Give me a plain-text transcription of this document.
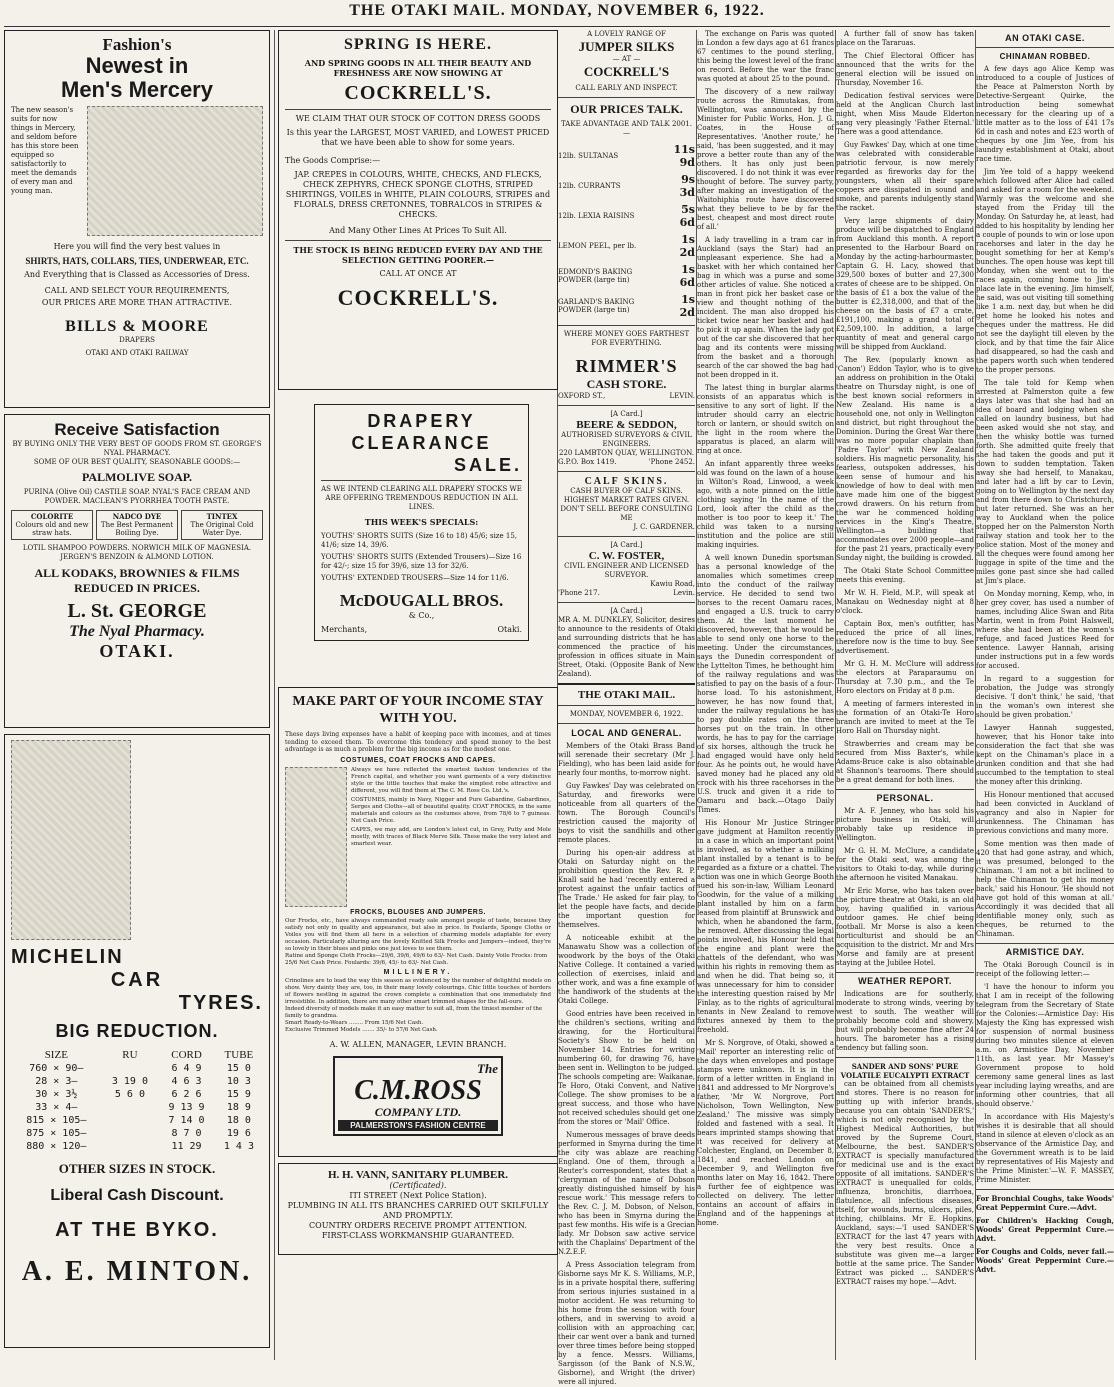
THE OTAKI MAIL. MONDAY, NOVEMBER 6, 1922.
Fashion's
Newest in
Men's Mercery
The new season's suits for now things in Mercery, and seldom before has this store been equipped so satisfactorily to meet the demands of every man and young man.
Here you will find the very best values in
SHIRTS, HATS, COLLARS, TIES, UNDERWEAR, ETC.
And Everything that is Classed as Accessories of Dress.
CALL AND SELECT YOUR REQUIREMENTS,
OUR PRICES ARE MORE THAN ATTRACTIVE.
BILLS & MOORE
DRAPERS
OTAKI AND OTAKI RAILWAY
Receive Satisfaction
BY BUYING ONLY THE VERY BEST OF GOODS FROM ST. GEORGE'S NYAL PHARMACY.
SOME OF OUR BEST QUALITY, SEASONABLE GOODS:—
PALMOLIVE SOAP.
PURINA (Olive Oil) CASTILE SOAP. NYAL'S FACE CREAM AND POWDER. MACLEAN'S PYORRHEA TOOTH PASTE.
COLORITE
Colours old and new straw hats.
NADCO DYE
The Best Permanent Boiling Dye.
TINTEX
The Original Cold Water Dye.
LOTIL SHAMPOO POWDERS. NORWICH MILK OF MAGNESIA. JERGEN'S BENZOIN & ALMOND LOTION.
ALL KODAKS, BROWNIES & FILMS REDUCED IN PRICES.
L. St. GEORGE
The Nyal Pharmacy.
OTAKI.
MICHELIN
CAR
TYRES.
BIG REDUCTION.
SIZE	RU	CORD	TUBE
760 × 90—		6 4 9	15 0
28 × 3—	3 19 0	4 6 3	10 3
30 × 3½	5 6 0	6 2 6	15 9
33 × 4—		9 13 9	18 9
815 × 105—		7 14 0	18 0
875 × 105—		8 7 0	19 6
880 × 120—		11 29	1 4 3
OTHER SIZES IN STOCK.
Liberal Cash Discount.
AT THE BYKO.
A. E. MINTON.
SPRING IS HERE.
AND SPRING GOODS IN ALL THEIR BEAUTY AND FRESHNESS ARE NOW SHOWING AT
COCKRELL'S.
WE CLAIM THAT OUR STOCK OF COTTON DRESS GOODS
Is this year the LARGEST, MOST VARIED, and LOWEST PRICED that we have been able to show for some years.
The Goods Comprise:—
JAP. CREPES in COLOURS, WHITE, CHECKS, AND FLECKS, CHECK ZEPHYRS, CHECK SPONGE CLOTHS, STRIPED SHIRTINGS, VOILES in WHITE, PLAIN COLOURS, STRIPES and FLORALS, DRESS CRETONNES, TOBRALCOS in STRIPES & CHECKS.
And Many Other Lines At Prices To Suit All.
THE STOCK IS BEING REDUCED EVERY DAY AND THE SELECTION GETTING POORER.—
CALL AT ONCE AT
COCKRELL'S.
DRAPERY
CLEARANCE
SALE.
AS WE INTEND CLEARING ALL DRAPERY STOCKS WE ARE OFFERING TREMENDOUS REDUCTION IN ALL LINES.
THIS WEEK'S SPECIALS:
YOUTHS' SHORTS SUITS (Size 16 to 18) 45/6; size 15, 41/6; size 14, 39/6.
YOUTHS' SHORTS SUITS (Extended Trousers)—Size 16 for 42/-; size 15 for 39/6, size 13 for 32/6.
YOUTHS' EXTENDED TROUSERS—Size 14 for 11/6.
McDOUGALL BROS.
& Co.,
Merchants,	Otaki.
MAKE PART OF YOUR INCOME STAY WITH YOU.
These days living expenses have a habit of keeping pace with incomes, and at times tending to exceed them. To overcome this tendency and spend money to the best advantage is as much a problem for the big income as for the modest one.
COSTUMES, COAT FROCKS AND CAPES.
Always we have reflected the smartest fashion tendencies of the French capital, and whether you want garments of a very distinctive style or the little touches that make the simplest robe attractive and different, you will find them at The C. M. Ross Co. Ltd.'s.
COSTUMES, mainly in Navy, Nigger and Pure Gabardine, Gabardines, Serges and Cloths—all of beautiful quality. COAT FROCKS, in the same materials and colours as the costumes above, from 78/6 to 7 guineas. Net Cash Price.
CAPES, we may add, are London's latest cut, in Grey, Putty and Mole mostly, with traces of Black Merve Silk. These make the very latest and smartest wear.
FROCKS, BLOUSES AND JUMPERS.
Our Frocks, etc., have always commanded ready sale amongst people of taste, because they satisfy not only in quality and appearance, but also in price. In Foulards, Sponge Cloths or Voiles you will find them all here in a selection of charming models adaptable for every occasion. Particularly alluring are the lovely Knitted Silk Frocks and Jumpers—indeed, they're so lovely in their blues and pinks one just loves to see them.
Ratine and Sponge Cloth Frocks—29/6, 39/6, 49/6 to 63/- Net Cash. Dainty Voile Frocks: from 25/6 Net Cash Price. Foulards: 39/6, 45/- to 63/- Net Cash.
MILLINERY.
Crinolines are to lead the way this season as evidenced by the number of delightful models on show. Very dainty they are, too, in their many lovely colourings. Chic little touches of borders of flowers nestling in against the crown complete a combination that one immediately find irresistible. In addition, there are many other smart trimmed shapes for the fall-ours.
Indeed diversity of models make it an easy matter to suit all, from the tiniest member of the family to grandma.
Smart Ready-to-Wears ........ From 15/6 Net Cash.
Exclusive Trimmed Models ....... 35/- to 57/6 Net Cash.
A. W. ALLEN, MANAGER, LEVIN BRANCH.
The
C.M.ROSS
COMPANY LTD.
PALMERSTON'S FASHION CENTRE
H. H. VANN, SANITARY PLUMBER.
(Certificated).
ITI STREET (Next Police Station).
PLUMBING IN ALL ITS BRANCHES CARRIED OUT SKILFULLY AND PROMPTLY.
COUNTRY ORDERS RECEIVE PROMPT ATTENTION.
FIRST-CLASS WORKMANSHIP GUARANTEED.
A LOVELY RANGE OF
JUMPER SILKS
— AT —
COCKRELL'S
CALL EARLY AND INSPECT.
OUR PRICES TALK.
TAKE ADVANTAGE AND TALK 2001.—
12lb. SULTANAS	11s 9d
12lb. CURRANTS	9s 3d
12lb. LEXIA RAISINS	5s 6d
LEMON PEEL, per lb.	1s 2d
EDMOND'S BAKING POWDER (large tin)	1s 6d
GARLAND'S BAKING POWDER (large tin)	1s 2d
WHERE MONEY GOES FARTHEST FOR EVERYTHING.
RIMMER'S
CASH STORE.
OXFORD ST.,	LEVIN.
[A Card.]
BEERE & SEDDON,
AUTHORISED SURVEYORS & CIVIL ENGINEERS.
220 LAMBTON QUAY, WELLINGTON.
G.P.O. Box 1419.	'Phone 2452.
CALF SKINS.
CASH BUYER OF CALF SKINS. HIGHEST MARKET RATES GIVEN. DON'T SELL BEFORE CONSULTING ME
J. C. GARDENER.
[A Card.]
C. W. FOSTER,
CIVIL ENGINEER AND LICENSED SURVEYOR.
Kawiu Road,
'Phone 217.	Levin.
[A Card.]
MR A. M. DUNKLEY, Solicitor, desires to announce to the residents of Otaki and surrounding districts that he has commenced the practice of his profession in offices situate in Main Street, Otaki. (Opposite Bank of New Zealand).
THE OTAKI MAIL.
MONDAY, NOVEMBER 6, 1922.
LOCAL AND GENERAL.

Members of the Otaki Brass Band will serenade their secretary (Mr J. Fielding), who has been laid aside for nearly four months, to-morrow night.

Guy Fawkes' Day was celebrated on Saturday, and fireworks were noticeable from all quarters of the town. The Borough Council's restriction caused the majority of boys to visit the sandhills and other remote places.

During his open-air address at Otaki on Saturday night on the prohibition question the Rev. R. P. Knall said he had 'recently entered a protest against the unfair tactics of The Trade.' He asked for fair play, to let the people have facts, and decide the important question for themselves.

A noticeable exhibit at the Manawatu Show was a collection of woodwork by the boys of the Otaki Native College. It contained a varied collection of exercises, inlaid and other work, and was a fine example of the handiwork of the students at the Otaki College.

Good entries have been received in the children's sections, writing and drawing, for the Horticultural Society's Show to be held on November 14. Entries for writing numbering 60, for drawing 76, have been sent in. Wellington to be judged. The schools competing are: Waikanae, Te Horo, Otaki Convent, and Native College. The show promises to be a great success, and those who have not received schedules should get one from the stores or 'Mail' Office.

Numerous messages of brave deeds performed in Smyrna during the time the city was ablaze are reaching England. One of them, through a Reuter's correspondent, states that a 'clergyman of the name of Dobson greatly distinguished himself by his rescue work.' This message refers to the Rev. C. J. M. Dobson, of Nelson, who has been in Smyrna during the past few months. His wife is a Grecian lady. Mr Dobson saw active service with the Chaplains' Department of the N.Z.E.F.

A Press Association telegram from Gisborne says Mr K. S. Williams, M.P., is in a private hospital there, suffering from serious injuries sustained in a motor accident. He was returning to his home from the session with four others, and in swerving to avoid a collision with an approaching car, their car went over a bank and turned over three times before being stopped by a fence. Messrs. Williams, Sargisson (of the Bank of N.S.W., Gisborne), and Wright (the driver) were all injured.

The exchange on Paris was quoted in London a few days ago at 61 francs 67 centimes to the pound sterling, this being the lowest level of the franc on record. Before the war the franc was quoted at about 25 to the pound.

The discovery of a new railway route across the Rimutakas, from Wellington, was announced by the Minister for Public Works, Hon. J. G. Coates, in the House of Representatives. 'Another route,' he said, 'has been suggested, and it may prove a better route than any of the others. It has only just been discovered. I do not think it was ever thought of before. The survey party, after making an investigation of the Waitohiphia route have discovered what they believe to be by far the best, cheapest and most direct route of all.'

A lady travelling in a tram car in Auckland (says the Star) had an unpleasant experience. She had a basket with her which contained her bag in which was a purse and some other articles of value. She noticed a man in front pick her basket case or view and thought nothing of the incident. The man also dropped his ticket twice near her basket and had to pick it up again. When the lady got out of the car she discovered that her bag and its contents were missing from the basket and a thorough search of the car showed the bag had not been dropped in it.

The latest thing in burglar alarms consists of an apparatus which is sensitive to any sort of light. If the intruder should carry an electric torch or lantern, or should switch on the light in the room where the apparatus is placed, an alarm will ring at once.

An infant apparently three weeks old was found on the lawn of a house in Wilton's Road, Linwood, a week ago, with a note pinned on the little clothing saying 'In the name of the Lord, look after the child as the mother is too poor to keep it.' The child was taken to a nursing institution and the police are still making inquiries.

A well known Dunedin sportsman has a personal knowledge of the anomalies which sometimes creep into the conduct of the railway service. He decided to send two horses to the recent Oamaru races, and engaged a U.S. truck to carry them. At the last moment he discovered, however, that he would be able to send only one horse to the meeting. Under the circumstances, says the Dunedin correspondent of the Lyttelton Times, he bethought him of the railway regulations and was satisfied to pay on the basis of a four-horse load. To his astonishment, however, he has now found that, under the railway regulations he has to pay double rates on the three horses put on the train. In other words, he has to pay for the carriage of six horses, although the truck he had engaged would have only held four. As he points out, he would have saved money had he placed any old crock with his three racehorses in the U.S. truck and given it a ride to Oamaru and back.—Otago Daily Times.

His Honour Mr Justice Stringer gave judgment at Hamilton recently in a case in which an important point is involved, as to whether a milking plant installed by a tenant is to be regarded as a fixture or a chattel. The action was one in which George Booth sued his son-in-law, William Leonard Goodwin, for the value of a milking plant installed by him on a farm leased from plaintiff at Brunswick and which, when he abandoned the farm, he removed. After discussing the legal points involved, his Honour held that the engine and plant were the chattels of the defendant, who was within his rights in removing them as and when he did. That being so, it was unnecessary for him to consider the interesting question raised by Mr Finlay, as to the rights of agricultural tenants in New Zealand to remove fixtures annexed by them to the freehold.

Mr S. Norgrove, of Otaki, showed a 'Mail' reporter an interesting relic of the days when envelopes and postage stamps were unknown. It is in the form of a letter written in England in 1841 and addressed to Mr Norgrove's father, 'Mr W. Norgrove, Port Nicholson, Town Wellington, New Zealand.' The missive was simply folded and fastened with a seal. It bears imprinted stamps showing that it was received for delivery at Colchester, England, on December 8, 1841, and reached London on December 9, and Wellington five months later on May 16, 1842. There a further fee of eightpence was collected on delivery. The letter contains an account of affairs in England and of the happenings at home.

A further fall of snow has taken place on the Tararuas.

The Chief Electoral Officer has announced that the writs for the general election will be issued on Thursday, November 16.

Dedication festival services were held at the Anglican Church last night, when Miss Maude Elderton sang very pleasingly 'Father Eternal.' There was a good attendance.

Guy Fawkes' Day, which at one time was celebrated with considerable patriotic fervour, is now merely regarded as fireworks day for the youngsters, when all their spare coppers are dissipated in sound and smoke, and parents indulgently stand the racket.

Very large shipments of dairy produce will be dispatched to England from Auckland this month. A report presented to the Harbour Board on Monday by the acting-harbourmaster, Captain G. H. Lacy, showed that 329,500 boxes of butter and 27,300 crates of cheese are to be shipped. On the basis of £1 a box the value of the butter is £2,318,000, and that of the cheese on the basis of £7 a crate, £191,100, making a grand total of £2,509,100. In addition, a large quantity of meat and general cargo will be shipped from Auckland.

The Rev. (popularly known as 'Canon') Eddon Taylor, who is to give an address on prohibition in the Otaki theatre on Thursday night, is one of the best known social reformers in New Zealand. His name is a household one, not only in Wellington and district, but right throughout the Dominion. During the Great War there was no more popular chaplain than 'Padre Taylor' with New Zealand soldiers. His magnetic personality, his fearless, outspoken addresses, his keen sense of humour and his knowledge of how to deal with men have made him one of the biggest crowd drawers. On his return from the war he commenced holding services in the King's Theatre, Wellington—a building that accommodates over 2000 people—and for the past 21 years, practically every Sunday night, the building is crowded.

The Otaki State School Committee meets this evening.

Mr W. H. Field, M.P., will speak at Manakau on Wednesday night at 8 o'clock.

Captain Box, men's outfitter, has reduced the price of all lines, therefore now is the time to buy. See advertisement.

Mr G. H. M. McClure will address the electors at Paraparaumu on Thursday at 7.30 p.m., and the Te Horo electors on Friday at 8 p.m.

A meeting of farmers interested in the formation of an Otaki-Te Horo branch are invited to meet at the Te Horo Hall on Thursday night.

Strawberries and cream may be secured from Miss Baxter's, while Adams-Bruce cake is also obtainable at Shannon's tearooms. There should be a great demand for both lines.

PERSONAL.

Mr A. F. Jenney, who has sold his picture business in Otaki, will probably take up residence in Wellington.

Mr G. H. M. McClure, a candidate for the Otaki seat, was among the visitors to Otaki to-day, while during the afternoon he visited Manakau.

Mr Eric Morse, who has taken over the picture theatre at Otaki, is an old boy, having qualified in various outdoor games. He chief being football. Mr Morse is also a keen horticulturist and should be an acquisition to the district. Mr and Mrs Morse and family are at present staying at the Jubilee Hotel.

WEATHER REPORT.

Indications are for southerly, moderate to strong winds, veering by west to south. The weather will probably become cold and showery, but will probably become fine after 24 hours. The barometer has a rising tendency but falling soon.

SANDER AND SONS' PURE VOLATILE EUCALYPTI EXTRACT

can be obtained from all chemists and stores. There is no reason for putting up with inferior brands, because you can obtain 'SANDER'S,' which is not only recognised by the Highest Medical Authorities, but proved by the Supreme Court, Melbourne, the best. SANDER'S EXTRACT is specially manufactured for medicinal use and is the exact opposite of all imitations. SANDER'S EXTRACT is unequalled for colds, influenza, bronchitis, diarrhoea, flatulence, all infectious diseases, itself, for wounds, burns, ulcers, piles, itching, chilblains. Mr E. Hopkins, Auckland, says:—'I used SANDER'S EXTRACT for the last 47 years with the very best results. Once a substitute was given me—a larger bottle at the same price. The Sander Extract was picked ... SANDER'S EXTRACT raises my hope.'—Advt.

AN OTAKI CASE.
CHINAMAN ROBBED.

A few days ago Alice Kemp was introduced to a couple of Justices of the Peace at Palmerston North by Detective-Sergeant Quirke, the introduction being somewhat necessary for the clearing up of a little matter as to the loss of £41 17s 6d in cash and notes and £23 worth of cheques by one Jim Yee, from his laundry establishment at Otaki, about race time.

Jim Yee told of a happy weekend which followed after Alice had called and asked for a room for the weekend. Warmly was the welcome and she stayed from the Friday till the Monday. On Saturday he, at least, had added to his hospitality by lending her a couple of pounds to win or lose upon racehorses and later in the day he bought something for her at Kemp's bunches. The open house was kept till Monday, when she went out to the races again, coming home to Jim's place late in the evening. Jim himself, he said, was out visiting till something like 1 a.m. next day, but when he did get home he looked his notes and cheques under the mattress. He did not see the daylight till eleven by the clock, and by that time the fair Alice had disappeared, so had the cash and the papers worth such when tendered to the proper persons.

The tale told for Kemp when arrested at Palmerston quite a few days later was that she had had an idea of board and lodging when she called on laundry business, but had been asked would she not stay, and then the whisky bottle was turned forth. She admitted quite freely that she had taken the goods and put it down to sudden temptation. Taken away she had herself, to Manakau, and later had a lift by car to Levin, going on to Wellington by the next day and from there down to Christchurch, but later returned. She was an her way to Auckland when the police stopped her on the Palmerston North railway station and took her to the police station. Most of the money and all the cheques were found among her luggage in spite of the time and the miles gone past since she had called at Jim's place.

On Monday morning, Kemp, who, in her grey cover, has used a number of names, including Alice Swan and Rita Martin, went in from Point Halswell, where she had been at the women's refuge, and faced Justices Reed for sentence. Lawyer Hannah, arising under instructions put in a few words for accused.

In regard to a suggestion for probation, the Judge was strongly decisive. 'I don't think,' he said, 'that in the woman's own interest she should be given probation.'

Lawyer Hannah suggested, however, that his Honor take into consideration the fact that she was kept on the Chinaman's place in a drunken condition and that she had succumbed to the temptation to steal the money after this drinking.

His Honour mentioned that accused had been convicted in Auckland of vagrancy and also in Napier for drunkenness. The Chinaman has previous convictions and many more.

Some mention was then made of 420 that had gone astray, and which, it was presumed, belonged to the Chinaman. 'I am not a bit inclined to help the Chinaman to get his money back,' said his Honour. 'He should not have got hold of this woman at all.' Accordingly it was decided that all identifiable money only, such as cheques, be returned to the Chinaman.

ARMISTICE DAY.

The Otaki Borough Council is in receipt of the following letter:—

'I have the honour to inform you that I am in receipt of the following telegram from the Secretary of State for the Colonies:—Armistice Day: His Majesty the King has expressed wish for suspension of normal business during two minutes silence at eleven a.m. on Armistice Day, November 11th, as last year. Mr Massey's Government propose to hold ceremony same general lines as last year including laying wreaths, and are informing other countries, that all should observe.'

In accordance with His Majesty's wishes it is desirable that all should stand in silence at eleven o'clock as an observance of the Armistice Day, and the Government wreath is to be laid by representatives of His Majesty and the Prime Minister.'—W. F. MASSEY, Prime Minister.

For Bronchial Coughs, take Woods' Great Peppermint Cure.—Advt.

For Children's Hacking Cough, Woods' Great Peppermint Cure.—Advt.

For Coughs and Colds, never fail.—Woods' Great Peppermint Cure.—Advt.
